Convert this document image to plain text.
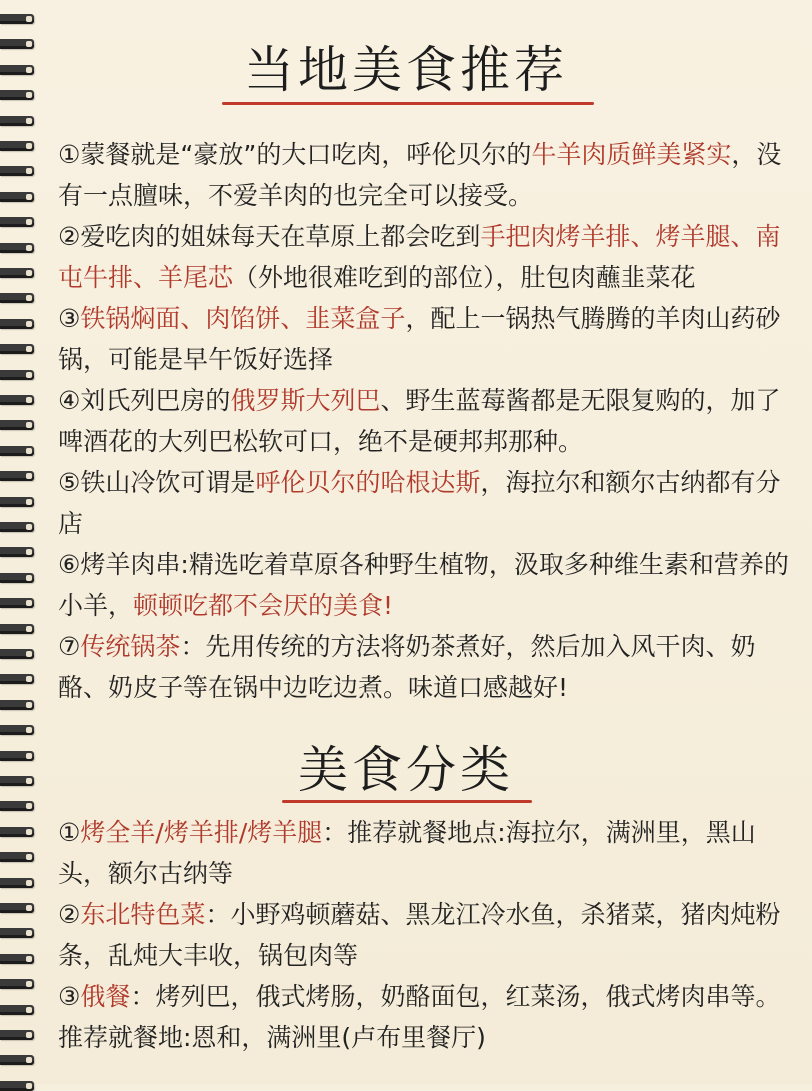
当地美食推荐

①蒙餐就是“豪放”的大口吃肉，呼伦贝尔的牛羊肉质鲜美紧实，没有一点膻味，不爱羊肉的也完全可以接受。

②爱吃肉的姐妹每天在草原上都会吃到手把肉烤羊排、烤羊腿、南屯牛排、羊尾芯（外地很难吃到的部位），肚包肉蘸韭菜花

③铁锅焖面、肉馅饼、韭菜盒子，配上一锅热气腾腾的羊肉山药砂锅，可能是早午饭好选择

④刘氏列巴房的俄罗斯大列巴、野生蓝莓酱都是无限复购的，加了啤酒花的大列巴松软可口，绝不是硬邦邦那种。

⑤铁山冷饮可谓是呼伦贝尔的哈根达斯，海拉尔和额尔古纳都有分店

⑥烤羊肉串:精选吃着草原各种野生植物，汲取多种维生素和营养的小羊，顿顿吃都不会厌的美食!

⑦传统锅茶：先用传统的方法将奶茶煮好，然后加入风干肉、奶酪、奶皮子等在锅中边吃边煮。味道口感越好!

美食分类

①烤全羊/烤羊排/烤羊腿：推荐就餐地点:海拉尔，满洲里，黑山头，额尔古纳等

②东北特色菜：小野鸡顿蘑菇、黑龙江冷水鱼，杀猪菜，猪肉炖粉条，乱炖大丰收，锅包肉等

③俄餐：烤列巴，俄式烤肠，奶酪面包，红菜汤，俄式烤肉串等。推荐就餐地:恩和，满洲里(卢布里餐厅)
